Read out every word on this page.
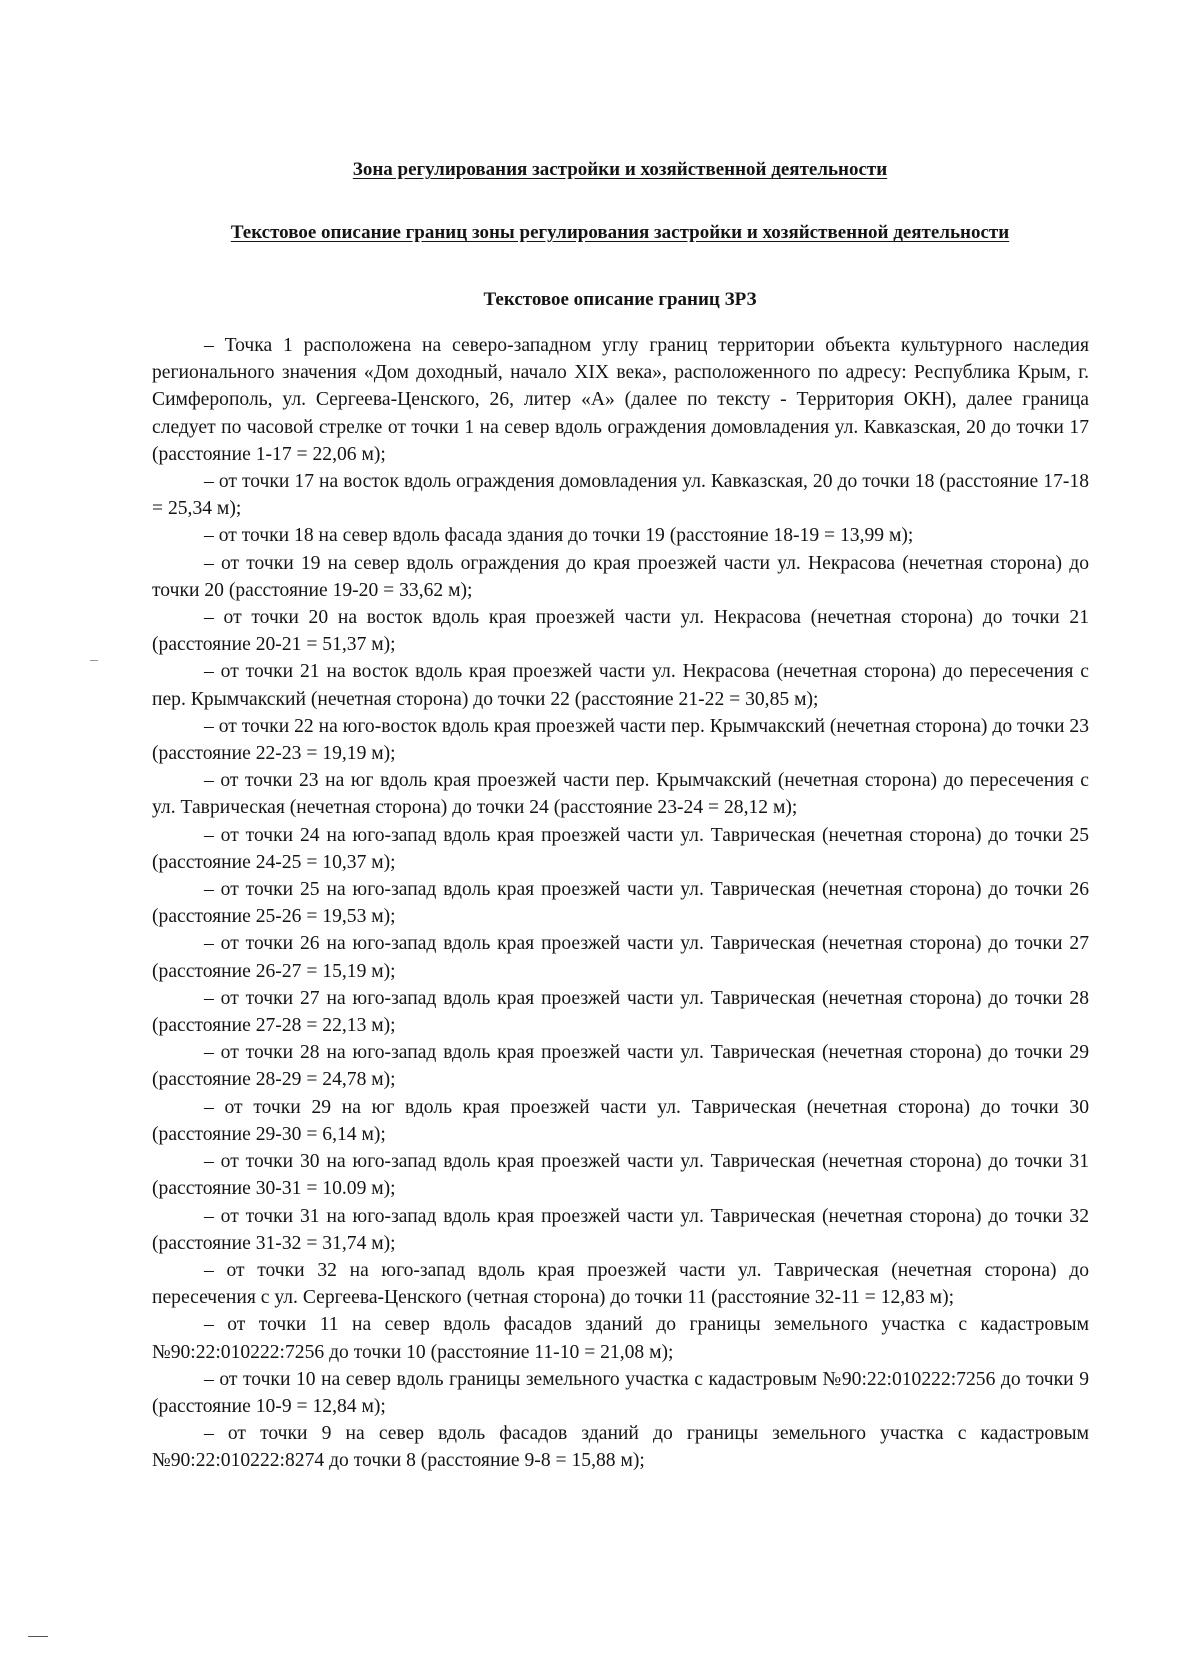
Зона регулирования застройки и хозяйственной деятельности
Текстовое описание границ зоны регулирования застройки и хозяйственной деятельности
Текстовое описание границ ЗРЗ

– Точка 1 расположена на северо-западном углу границ территории объекта культурного наследия регионального значения «Дом доходный, начало XIX века», расположенного по адресу: Республика Крым, г. Симферополь, ул. Сергеева-Ценского, 26, литер «А» (далее по тексту - Территория ОКН), далее граница следует по часовой стрелке от точки 1 на север вдоль ограждения домовладения ул. Кавказская, 20 до точки 17 (расстояние 1-17 = 22,06 м);

– от точки 17 на восток вдоль ограждения домовладения ул. Кавказская, 20 до точки 18 (расстояние 17-18 = 25,34 м);

– от точки 18 на север вдоль фасада здания до точки 19 (расстояние 18-19 = 13,99 м);

– от точки 19 на север вдоль ограждения до края проезжей части ул. Некрасова (нечетная сторона) до точки 20 (расстояние 19-20 = 33,62 м);

– от точки 20 на восток вдоль края проезжей части ул. Некрасова (нечетная сторона) до точки 21 (расстояние 20-21 = 51,37 м);

– от точки 21 на восток вдоль края проезжей части ул. Некрасова (нечетная сторона) до пересечения с пер. Крымчакский (нечетная сторона) до точки 22 (расстояние 21-22 = 30,85 м);

– от точки 22 на юго-восток вдоль края проезжей части пер. Крымчакский (нечетная сторона) до точки 23 (расстояние 22-23 = 19,19 м);

– от точки 23 на юг вдоль края проезжей части пер. Крымчакский (нечетная сторона) до пересечения с ул. Таврическая (нечетная сторона) до точки 24 (расстояние 23-24 = 28,12 м);

– от точки 24 на юго-запад вдоль края проезжей части ул. Таврическая (нечетная сторона) до точки 25 (расстояние 24-25 = 10,37 м);

– от точки 25 на юго-запад вдоль края проезжей части ул. Таврическая (нечетная сторона) до точки 26 (расстояние 25-26 = 19,53 м);

– от точки 26 на юго-запад вдоль края проезжей части ул. Таврическая (нечетная сторона) до точки 27 (расстояние 26-27 = 15,19 м);

– от точки 27 на юго-запад вдоль края проезжей части ул. Таврическая (нечетная сторона) до точки 28 (расстояние 27-28 = 22,13 м);

– от точки 28 на юго-запад вдоль края проезжей части ул. Таврическая (нечетная сторона) до точки 29 (расстояние 28-29 = 24,78 м);

– от точки 29 на юг вдоль края проезжей части ул. Таврическая (нечетная сторона) до точки 30 (расстояние 29-30 = 6,14 м);

– от точки 30 на юго-запад вдоль края проезжей части ул. Таврическая (нечетная сторона) до точки 31 (расстояние 30-31 = 10.09 м);

– от точки 31 на юго-запад вдоль края проезжей части ул. Таврическая (нечетная сторона) до точки 32 (расстояние 31-32 = 31,74 м);

– от точки 32 на юго-запад вдоль края проезжей части ул. Таврическая (нечетная сторона) до пересечения с ул. Сергеева-Ценского (четная сторона) до точки 11 (расстояние 32-11 = 12,83 м);

– от точки 11 на север вдоль фасадов зданий до границы земельного участка с кадастровым №90:22:010222:7256 до точки 10 (расстояние 11-10 = 21,08 м);

– от точки 10 на север вдоль границы земельного участка с кадастровым №90:22:010222:7256 до точки 9 (расстояние 10-9 = 12,84 м);

– от точки 9 на север вдоль фасадов зданий до границы земельного участка с кадастровым №90:22:010222:8274 до точки 8 (расстояние 9-8 = 15,88 м);
